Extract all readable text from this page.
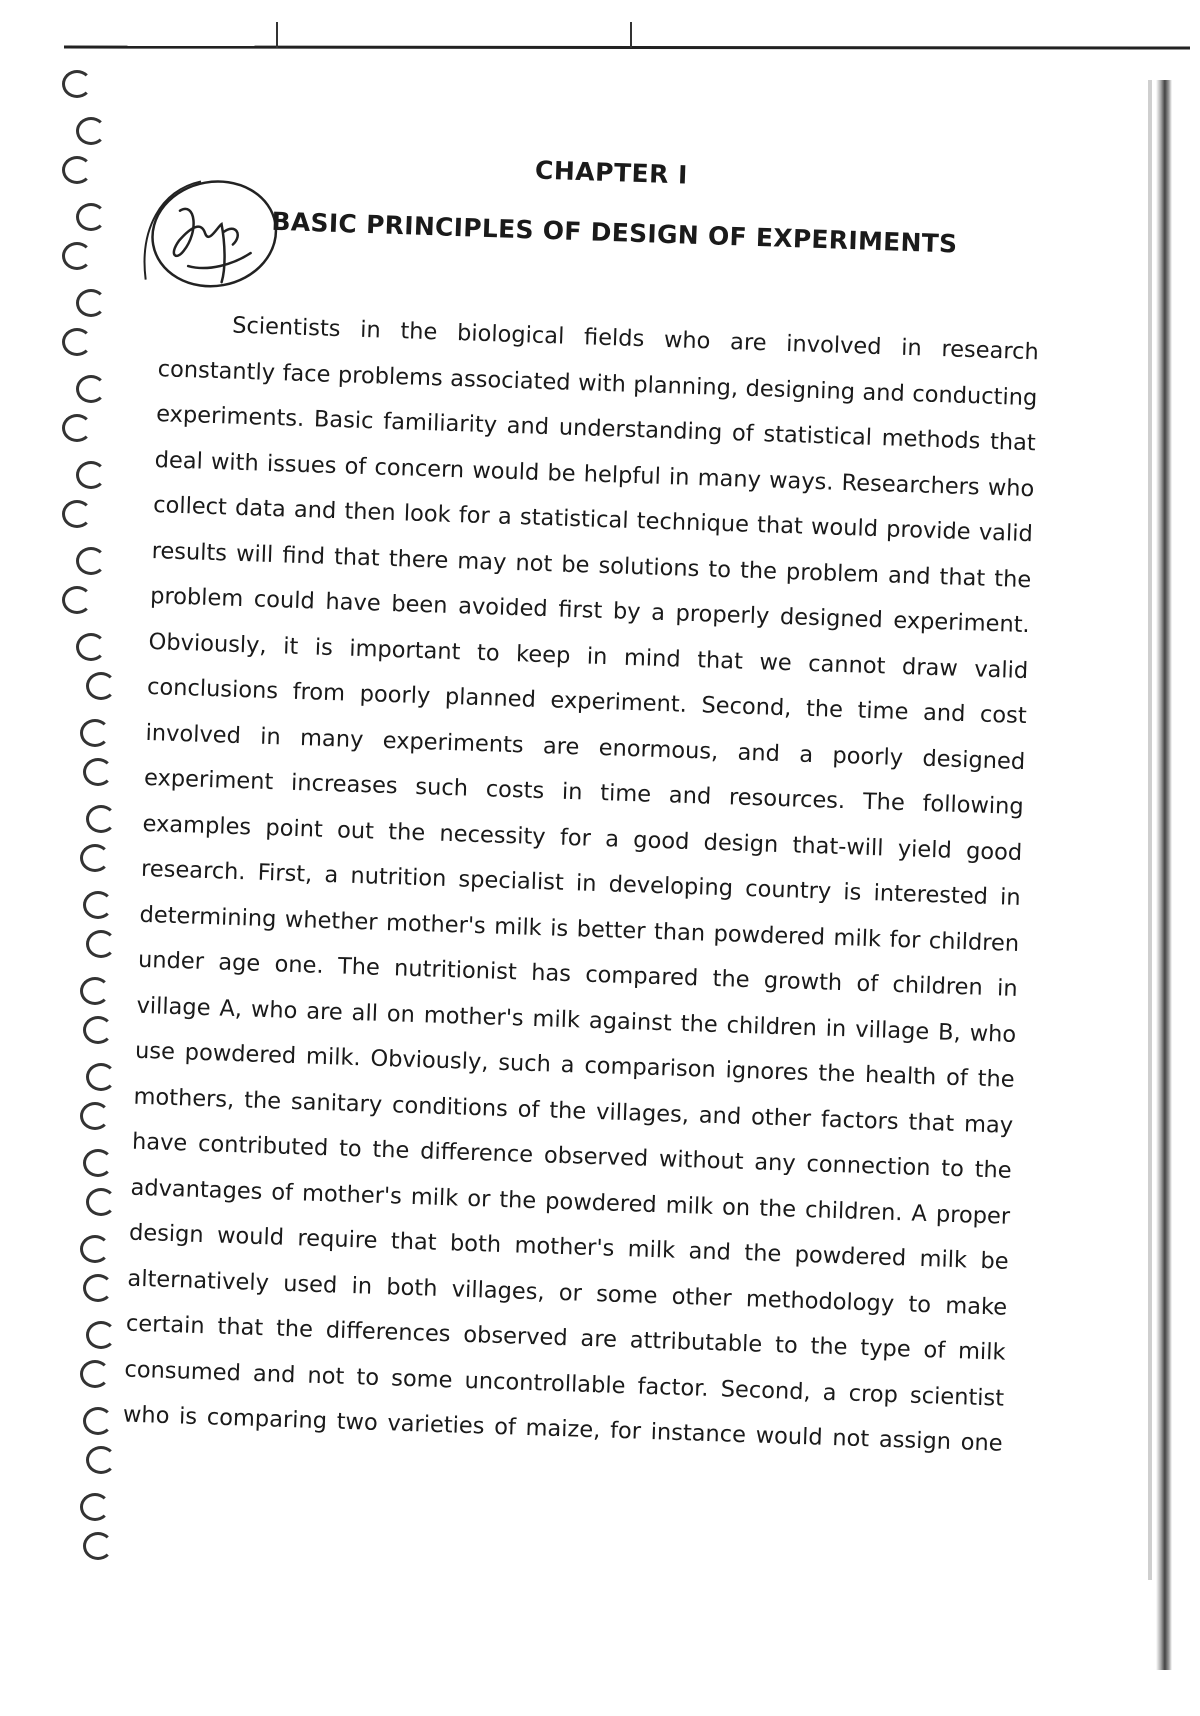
CHAPTER I
BASIC PRINCIPLES OF DESIGN OF EXPERIMENTS
Scientists in the biological fields who are involved in research
constantly face problems associated with planning, designing and conducting
experiments. Basic familiarity and understanding of statistical methods that
deal with issues of concern would be helpful in many ways. Researchers who
collect data and then look for a statistical technique that would provide valid
results will find that there may not be solutions to the problem and that the
problem could have been avoided first by a properly designed experiment.
Obviously, it is important to keep in mind that we cannot draw valid
conclusions from poorly planned experiment. Second, the time and cost
involved in many experiments are enormous, and a poorly designed
experiment increases such costs in time and resources. The following
examples point out the necessity for a good design that-will yield good
research. First, a nutrition specialist in developing country is interested in
determining whether mother's milk is better than powdered milk for children
under age one. The nutritionist has compared the growth of children in
village A, who are all on mother's milk against the children in village B, who
use powdered milk. Obviously, such a comparison ignores the health of the
mothers, the sanitary conditions of the villages, and other factors that may
have contributed to the difference observed without any connection to the
advantages of mother's milk or the powdered milk on the children. A proper
design would require that both mother's milk and the powdered milk be
alternatively used in both villages, or some other methodology to make
certain that the differences observed are attributable to the type of milk
consumed and not to some uncontrollable factor. Second, a crop scientist
who is comparing two varieties of maize, for instance would not assign one
